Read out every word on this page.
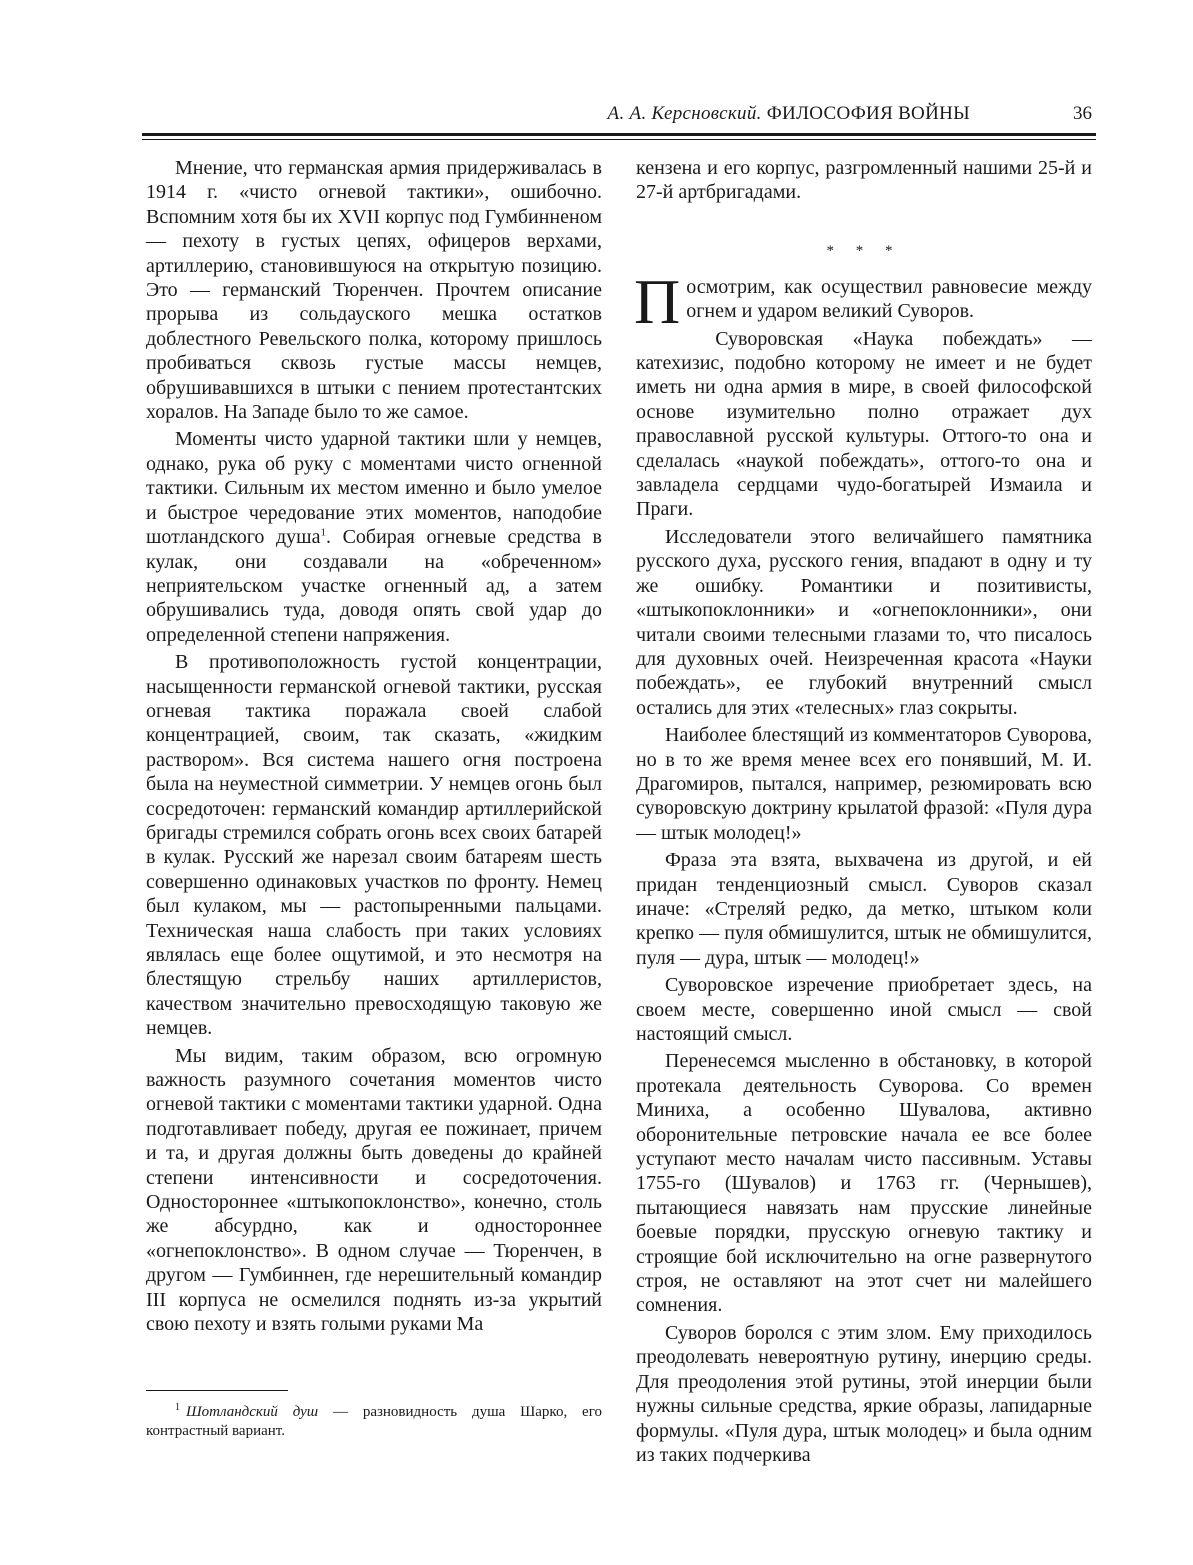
А. А. Керсновский. ФИЛОСОФИЯ ВОЙНЫ	36

Мнение, что германская армия придерживалась в 1914 г. «чисто огневой тактики», ошибочно. Вспомним хотя бы их XVII корпус под Гумбинненом — пехоту в густых цепях, офицеров верхами, артиллерию, становившуюся на открытую позицию. Это — германский Тюренчен. Прочтем описание прорыва из сольдауского мешка остатков доблестного Ревельского полка, которому пришлось пробиваться сквозь густые массы немцев, обрушивавшихся в штыки с пением протестантских хоралов. На Западе было то же самое.

Моменты чисто ударной тактики шли у немцев, однако, рука об руку с моментами чисто огненной тактики. Сильным их местом именно и было умелое и быстрое чередование этих моментов, наподобие шотландского душа$^1$. Собирая огневые средства в кулак, они создавали на «обреченном» неприятельском участке огненный ад, а затем обрушивались туда, доводя опять свой удар до определенной степени напряжения.

В противоположность густой концентрации, насыщенности германской огневой тактики, русская огневая тактика поражала своей слабой концентрацией, своим, так сказать, «жидким раствором». Вся система нашего огня построена была на неуместной симметрии. У немцев огонь был сосредоточен: германский командир артиллерийской бригады стремился собрать огонь всех своих батарей в кулак. Русский же нарезал своим батареям шесть совершенно одинаковых участков по фронту. Немец был кулаком, мы — растопыренными пальцами. Техническая наша слабость при таких условиях являлась еще более ощутимой, и это несмотря на блестящую стрельбу наших артиллеристов, качеством значительно превосходящую таковую же немцев.

Мы видим, таким образом, всю огромную важность разумного сочетания моментов чисто огневой тактики с моментами тактики ударной. Одна подготавливает победу, другая ее пожинает, причем и та, и другая должны быть доведены до крайней степени интенсивности и сосредоточения. Одностороннее «штыкопоклонство», конечно, столь же абсурдно, как и одностороннее «огнепоклонство». В одном случае — Тюренчен, в другом — Гумбиннен, где нерешительный командир III корпуса не осмелился поднять из-за укрытий свою пехоту и взять голыми руками Ма

$^1$ Шотландский душ — разновидность душа Шарко, его контрастный вариант.

кензена и его корпус, разгромленный нашими 25-й и 27-й артбригадами.

* * *

Посмотрим, как осуществил равновесие между огнем и ударом великий Суворов.

Суворовская «Наука побеждать» — катехизис, подобно которому не имеет и не будет иметь ни одна армия в мире, в своей философской основе изумительно полно отражает дух православной русской культуры. Оттого-то она и сделалась «наукой побеждать», оттого-то она и завладела сердцами чудо-богатырей Измаила и Праги.

Исследователи этого величайшего памятника русского духа, русского гения, впадают в одну и ту же ошибку. Романтики и позитивисты, «штыкопоклонники» и «огнепоклонники», они читали своими телесными глазами то, что писалось для духовных очей. Неизреченная красота «Науки побеждать», ее глубокий внутренний смысл остались для этих «телесных» глаз сокрыты.

Наиболее блестящий из комментаторов Суворова, но в то же время менее всех его понявший, М. И. Драгомиров, пытался, например, резюмировать всю суворовскую доктрину крылатой фразой: «Пуля дура — штык молодец!»

Фраза эта взята, выхвачена из другой, и ей придан тенденциозный смысл. Суворов сказал иначе: «Стреляй редко, да метко, штыком коли крепко — пуля обмишулится, штык не обмишулится, пуля — дура, штык — молодец!»

Суворовское изречение приобретает здесь, на своем месте, совершенно иной смысл — свой настоящий смысл.

Перенесемся мысленно в обстановку, в которой протекала деятельность Суворова. Со времен Миниха, а особенно Шувалова, активно оборонительные петровские начала ее все более уступают место началам чисто пассивным. Уставы 1755-го (Шувалов) и 1763 гг. (Чернышев), пытающиеся навязать нам прусские линейные боевые порядки, прусскую огневую тактику и строящие бой исключительно на огне развернутого строя, не оставляют на этот счет ни малейшего сомнения.

Суворов боролся с этим злом. Ему приходилось преодолевать невероятную рутину, инерцию среды. Для преодоления этой рутины, этой инерции были нужны сильные средства, яркие образы, лапидарные формулы. «Пуля дура, штык молодец» и была одним из таких подчеркива
